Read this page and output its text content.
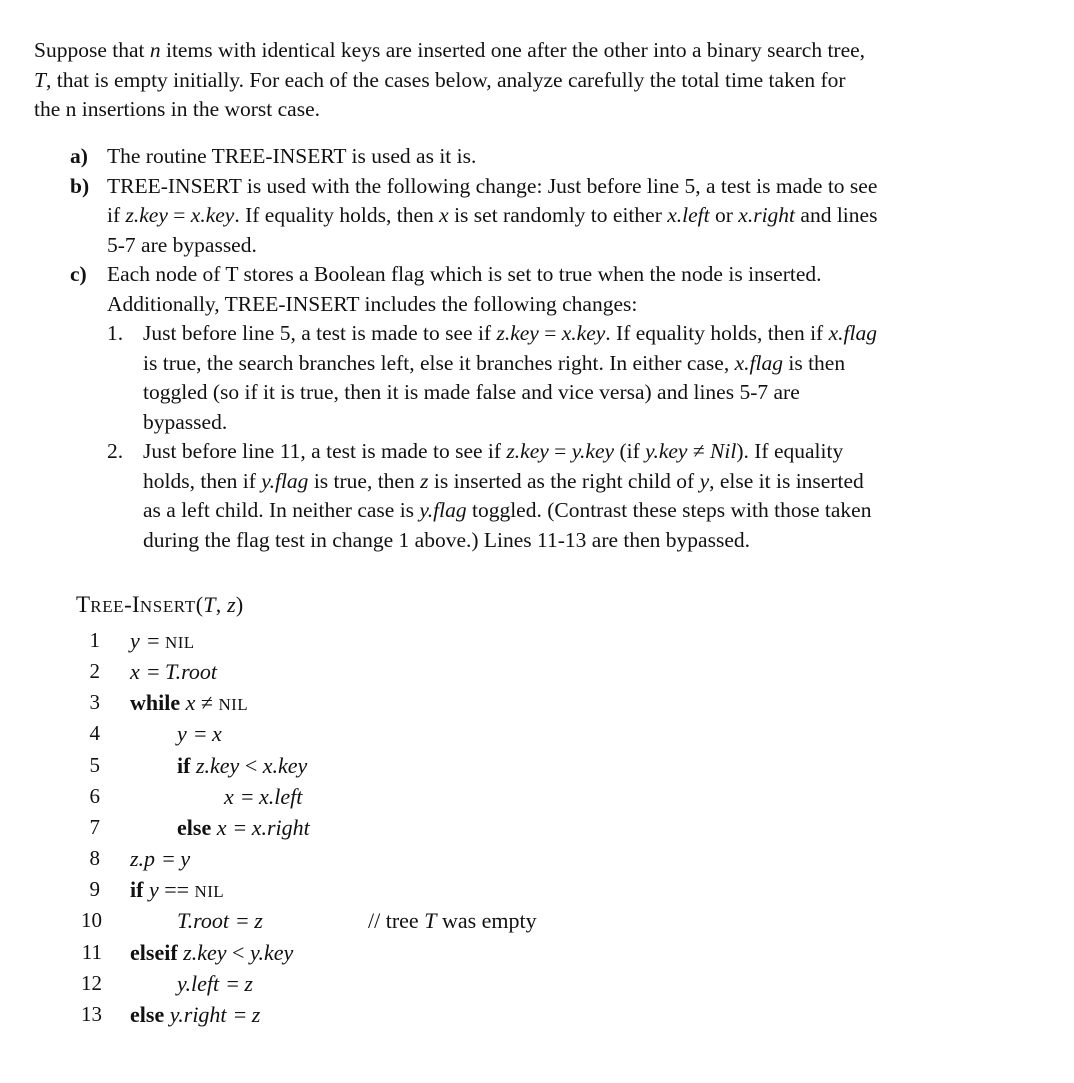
Suppose that n items with identical keys are inserted one after the other into a binary search tree,
T, that is empty initially. For each of the cases below, analyze carefully the total time taken for
the n insertions in the worst case.
a) The routine TREE-INSERT is used as it is.
b) TREE-INSERT is used with the following change: Just before line 5, a test is made to see
if z.key = x.key. If equality holds, then x is set randomly to either x.left or x.right and lines
5-7 are bypassed.
c) Each node of T stores a Boolean flag which is set to true when the node is inserted.
Additionally, TREE-INSERT includes the following changes:
1. Just before line 5, a test is made to see if z.key = x.key. If equality holds, then if x.flag
is true, the search branches left, else it branches right. In either case, x.flag is then
toggled (so if it is true, then it is made false and vice versa) and lines 5-7 are
bypassed.
2. Just before line 11, a test is made to see if z.key = y.key (if y.key ≠ Nil). If equality
holds, then if y.flag is true, then z is inserted as the right child of y, else it is inserted
as a left child. In neither case is y.flag toggled. (Contrast these steps with those taken
during the flag test in change 1 above.) Lines 11-13 are then bypassed.
TREE-INSERT(T, z)
1 y  = NIL
2 x  = T.root
3 while x ≠ NIL
4	y  = x
5	if z.key < x.key
6	x  = x.left
7	else x  = x.right
8 z.p  = y
9 if y == NIL
10	T.root  = z	// tree T was empty
11 elseif z.key < y.key
12	y.left  = z
13 else y.right  = z
